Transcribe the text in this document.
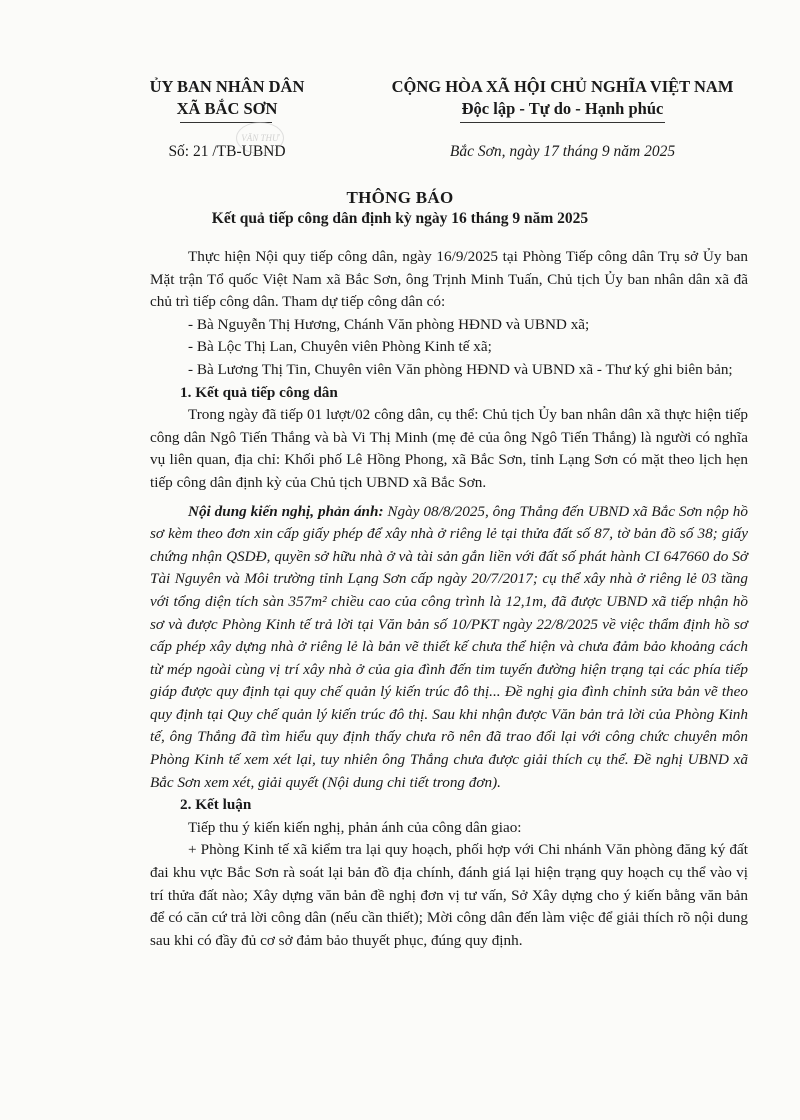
ỦY BAN NHÂN DÂN
XÃ BẮC SƠN
CỘNG HÒA XÃ HỘI CHỦ NGHĨA VIỆT NAM
Độc lập - Tự do - Hạnh phúc
VĂN THƯ
Số: 21 /TB-UBND	Bắc Sơn, ngày 17 tháng 9 năm 2025
THÔNG BÁO
Kết quả tiếp công dân định kỳ ngày 16 tháng 9 năm 2025

Thực hiện Nội quy tiếp công dân, ngày 16/9/2025 tại Phòng Tiếp công dân Trụ sở Ủy ban Mặt trận Tổ quốc Việt Nam xã Bắc Sơn, ông Trịnh Minh Tuấn, Chủ tịch Ủy ban nhân dân xã đã chủ trì tiếp công dân. Tham dự tiếp công dân có:

- Bà Nguyễn Thị Hương, Chánh Văn phòng HĐND và UBND xã;

- Bà Lộc Thị Lan, Chuyên viên Phòng Kinh tế xã;

- Bà Lương Thị Tin, Chuyên viên Văn phòng HĐND và UBND xã - Thư ký ghi biên bản;

1. Kết quả tiếp công dân

Trong ngày đã tiếp 01 lượt/02 công dân, cụ thể: Chủ tịch Ủy ban nhân dân xã thực hiện tiếp công dân Ngô Tiến Thắng và bà Vi Thị Minh (mẹ đẻ của ông Ngô Tiến Thắng) là người có nghĩa vụ liên quan, địa chỉ: Khối phố Lê Hồng Phong, xã Bắc Sơn, tỉnh Lạng Sơn có mặt theo lịch hẹn tiếp công dân định kỳ của Chủ tịch UBND xã Bắc Sơn.

Nội dung kiến nghị, phản ánh: Ngày 08/8/2025, ông Thắng đến UBND xã Bắc Sơn nộp hồ sơ kèm theo đơn xin cấp giấy phép để xây nhà ở riêng lẻ tại thửa đất số 87, tờ bản đồ số 38; giấy chứng nhận QSDĐ, quyền sở hữu nhà ở và tài sản gắn liền với đất số phát hành CI 647660 do Sở Tài Nguyên và Môi trường tỉnh Lạng Sơn cấp ngày 20/7/2017; cụ thể xây nhà ở riêng lẻ 03 tầng với tổng diện tích sàn 357m² chiều cao của công trình là 12,1m, đã được UBND xã tiếp nhận hồ sơ và được Phòng Kinh tế trả lời tại Văn bản số 10/PKT ngày 22/8/2025 về việc thẩm định hồ sơ cấp phép xây dựng nhà ở riêng lẻ là bản vẽ thiết kế chưa thể hiện và chưa đảm bảo khoảng cách từ mép ngoài cùng vị trí xây nhà ở của gia đình đến tim tuyến đường hiện trạng tại các phía tiếp giáp được quy định tại quy chế quản lý kiến trúc đô thị... Đề nghị gia đình chỉnh sửa bản vẽ theo quy định tại Quy chế quản lý kiến trúc đô thị. Sau khi nhận được Văn bản trả lời của Phòng Kinh tế, ông Thắng đã tìm hiểu quy định thấy chưa rõ nên đã trao đổi lại với công chức chuyên môn Phòng Kinh tế xem xét lại, tuy nhiên ông Thắng chưa được giải thích cụ thể. Đề nghị UBND xã Bắc Sơn xem xét, giải quyết (Nội dung chi tiết trong đơn).

2. Kết luận

Tiếp thu ý kiến kiến nghị, phản ánh của công dân giao:

+ Phòng Kinh tế xã kiểm tra lại quy hoạch, phối hợp với Chi nhánh Văn phòng đăng ký đất đai khu vực Bắc Sơn rà soát lại bản đồ địa chính, đánh giá lại hiện trạng quy hoạch cụ thể vào vị trí thửa đất nào; Xây dựng văn bản đề nghị đơn vị tư vấn, Sở Xây dựng cho ý kiến bằng văn bản để có căn cứ trả lời công dân (nếu cần thiết); Mời công dân đến làm việc để giải thích rõ nội dung sau khi có đầy đủ cơ sở đảm bảo thuyết phục, đúng quy định.
